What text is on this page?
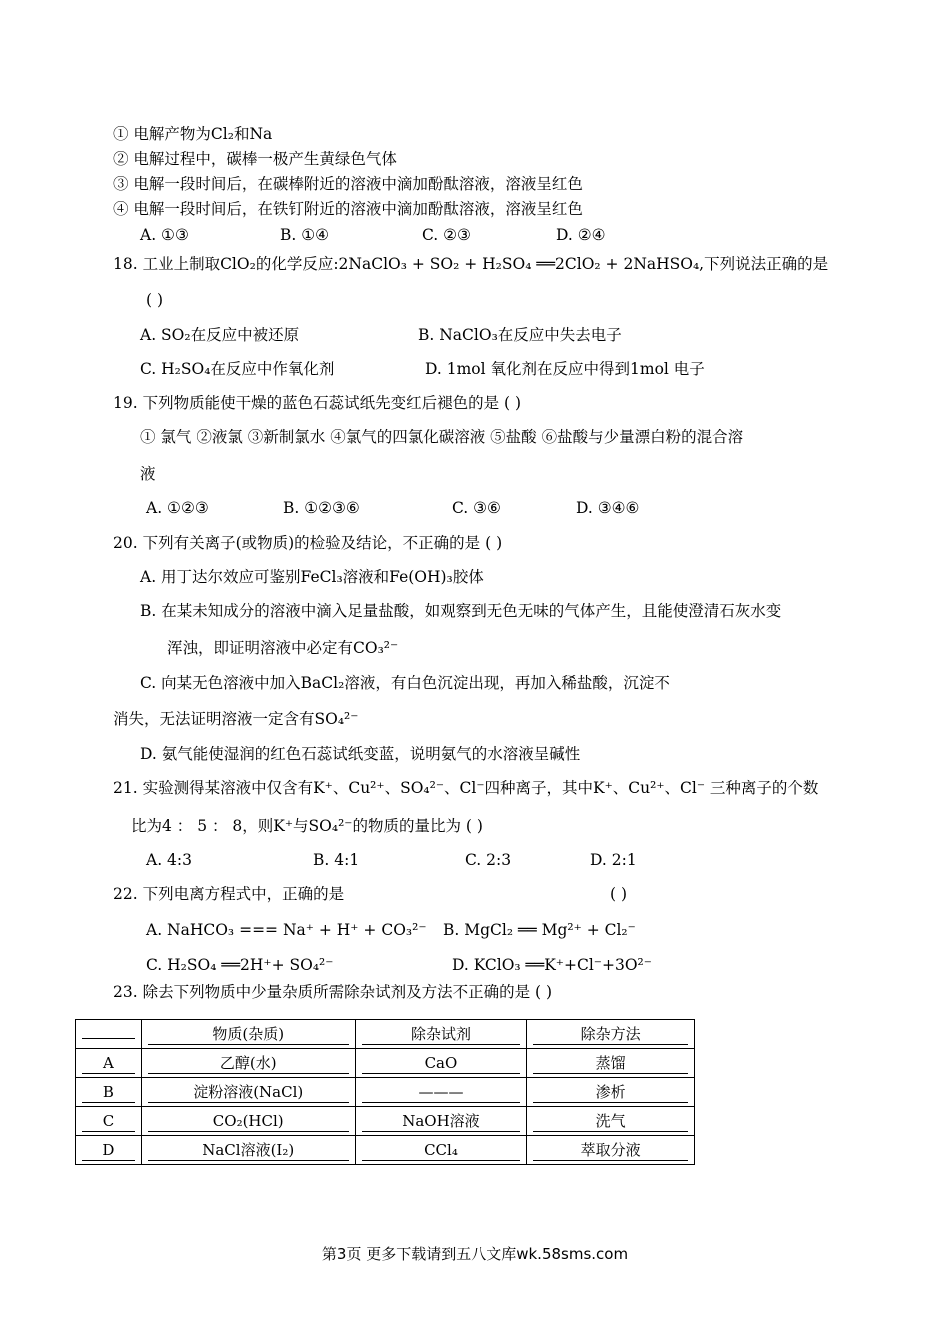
① 电解产物为Cl₂和Na
② 电解过程中，碳棒一极产生黄绿色气体
③ 电解一段时间后，在碳棒附近的溶液中滴加酚酞溶液，溶液呈红色
④ 电解一段时间后，在铁钉附近的溶液中滴加酚酞溶液，溶液呈红色
A. ①③	B. ①④	C. ②③	D. ②④
18. 工业上制取ClO₂的化学反应:2NaClO₃ + SO₂ + H₂SO₄ ══2ClO₂ + 2NaHSO₄,下列说法正确的是
( )
A. SO₂在反应中被还原	B. NaClO₃在反应中失去电子
C. H₂SO₄在反应中作氧化剂	D. 1mol 氧化剂在反应中得到1mol 电子
19. 下列物质能使干燥的蓝色石蕊试纸先变红后褪色的是 ( )
① 氯气 ②液氯 ③新制氯水 ④氯气的四氯化碳溶液 ⑤盐酸 ⑥盐酸与少量漂白粉的混合溶
液
A. ①②③	B. ①②③⑥	C. ③⑥	D. ③④⑥
20. 下列有关离子(或物质)的检验及结论，不正确的是 ( )
A. 用丁达尔效应可鉴别FeCl₃溶液和Fe(OH)₃胶体
B. 在某未知成分的溶液中滴入足量盐酸，如观察到无色无味的气体产生，且能使澄清石灰水变
浑浊，即证明溶液中必定有CO₃²⁻
C. 向某无色溶液中加入BaCl₂溶液，有白色沉淀出现，再加入稀盐酸，沉淀不
消失，无法证明溶液一定含有SO₄²⁻
D. 氨气能使湿润的红色石蕊试纸变蓝，说明氨气的水溶液呈碱性
21. 实验测得某溶液中仅含有K⁺、Cu²⁺、SO₄²⁻、Cl⁻四种离子，其中K⁺、Cu²⁺、Cl⁻ 三种离子的个数
比为4 ： 5 ： 8，则K⁺与SO₄²⁻的物质的量比为 ( )
A. 4:3	B. 4:1	C. 2:3	D. 2:1
22. 下列电离方程式中，正确的是	( )
A. NaHCO₃ === Na⁺ + H⁺ + CO₃²⁻ B. MgCl₂ ══ Mg²⁺ + Cl₂⁻
C. H₂SO₄ ══2H⁺+ SO₄²⁻	D. KClO₃ ══K⁺+Cl⁻+3O²⁻
23. 除去下列物质中少量杂质所需除杂试剂及方法不正确的是 ( )
	物质(杂质)	除杂试剂	除杂方法
A	乙醇(水)	CaO	蒸馏
B	淀粉溶液(NaCl)	———	渗析
C	CO₂(HCl)	NaOH溶液	洗气
D	NaCl溶液(I₂)	CCl₄	萃取分液
第3页 更多下载请到五八文库wk.58sms.com
